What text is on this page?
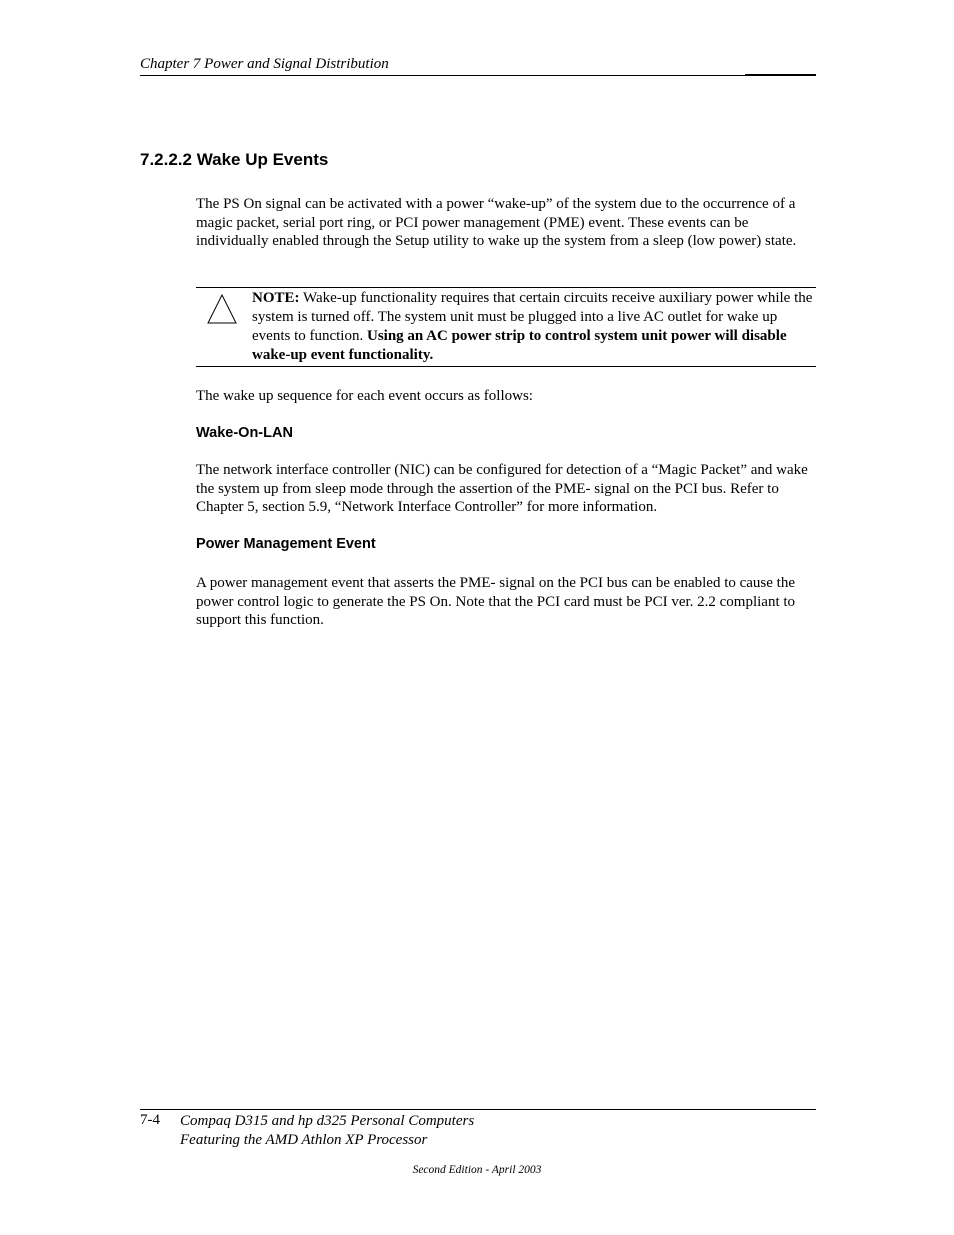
Chapter 7 Power and Signal Distribution
7.2.2.2 Wake Up Events
The PS On signal can be activated with a power “wake-up” of the system due to the occurrence of a magic packet, serial port ring, or PCI power management (PME) event. These events can be individually enabled through the Setup utility to wake up the system from a sleep (low power) state.
NOTE: Wake-up functionality requires that certain circuits receive auxiliary power while the system is turned off. The system unit must be plugged into a live AC outlet for wake up events to function. Using an AC power strip to control system unit power will disable wake-up event functionality.
The wake up sequence for each event occurs as follows:
Wake-On-LAN
The network interface controller (NIC) can be configured for detection of a “Magic Packet” and wake the system up from sleep mode through the assertion of the PME- signal on the PCI bus. Refer to Chapter 5, section 5.9, “Network Interface Controller” for more information.
Power Management Event
A power management event that asserts the PME- signal on the PCI bus can be enabled to cause the power control logic to generate the PS On. Note that the PCI card must be PCI ver. 2.2 compliant to support this function.
7-4 Compaq D315 and hp d325 Personal Computers
Featuring the AMD Athlon XP Processor
Second Edition - April 2003
